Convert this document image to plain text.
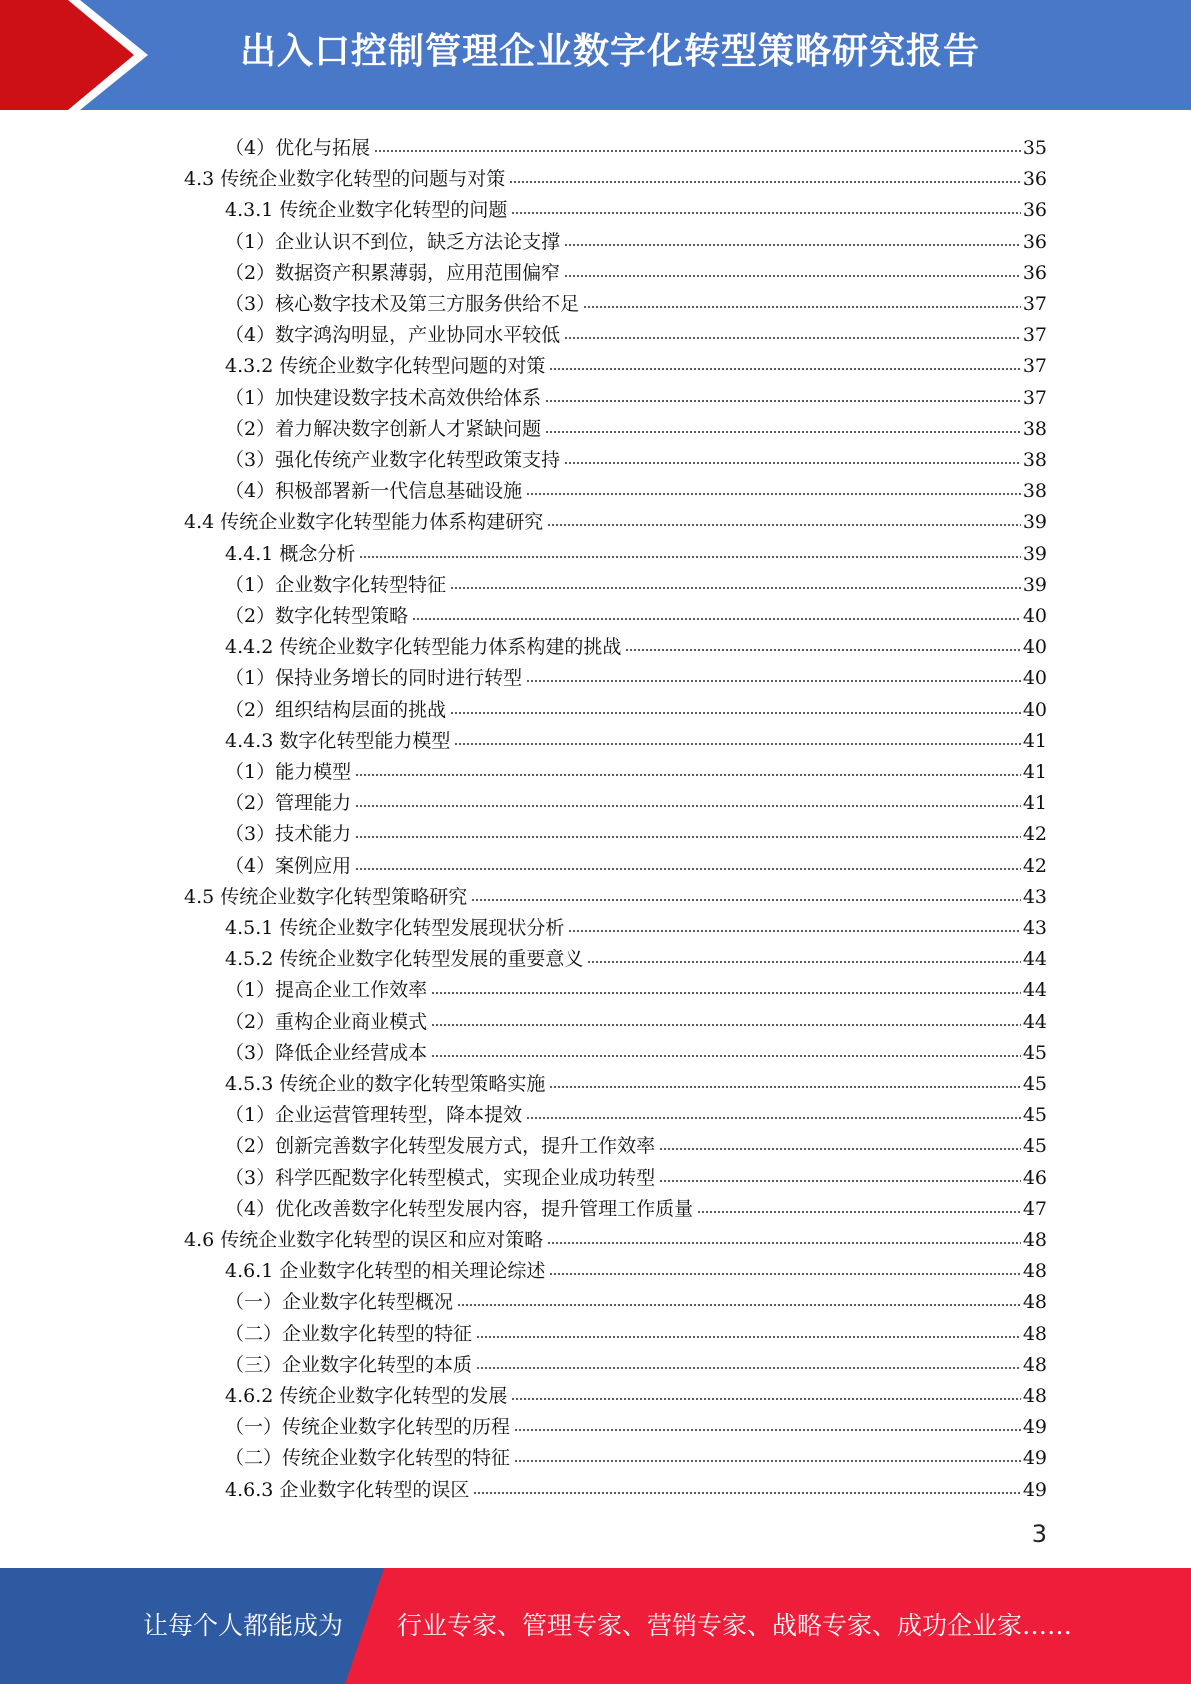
出入口控制管理企业数字化转型策略研究报告
（4）优化与拓展	35
4.3 传统企业数字化转型的问题与对策	36
4.3.1 传统企业数字化转型的问题	36
（1）企业认识不到位，缺乏方法论支撑	36
（2）数据资产积累薄弱，应用范围偏窄	36
（3）核心数字技术及第三方服务供给不足	37
（4）数字鸿沟明显，产业协同水平较低	37
4.3.2 传统企业数字化转型问题的对策	37
（1）加快建设数字技术高效供给体系	37
（2）着力解决数字创新人才紧缺问题	38
（3）强化传统产业数字化转型政策支持	38
（4）积极部署新一代信息基础设施	38
4.4 传统企业数字化转型能力体系构建研究	39
4.4.1 概念分析	39
（1）企业数字化转型特征	39
（2）数字化转型策略	40
4.4.2 传统企业数字化转型能力体系构建的挑战	40
（1）保持业务增长的同时进行转型	40
（2）组织结构层面的挑战	40
4.4.3 数字化转型能力模型	41
（1）能力模型	41
（2）管理能力	41
（3）技术能力	42
（4）案例应用	42
4.5 传统企业数字化转型策略研究	43
4.5.1 传统企业数字化转型发展现状分析	43
4.5.2 传统企业数字化转型发展的重要意义	44
（1）提高企业工作效率	44
（2）重构企业商业模式	44
（3）降低企业经营成本	45
4.5.3 传统企业的数字化转型策略实施	45
（1）企业运营管理转型，降本提效	45
（2）创新完善数字化转型发展方式，提升工作效率	45
（3）科学匹配数字化转型模式，实现企业成功转型	46
（4）优化改善数字化转型发展内容，提升管理工作质量	47
4.6 传统企业数字化转型的误区和应对策略	48
4.6.1 企业数字化转型的相关理论综述	48
（一）企业数字化转型概况	48
（二）企业数字化转型的特征	48
（三）企业数字化转型的本质	48
4.6.2 传统企业数字化转型的发展	48
（一）传统企业数字化转型的历程	49
（二）传统企业数字化转型的特征	49
4.6.3 企业数字化转型的误区	49
3
让每个人都能成为 行业专家、管理专家、营销专家、战略专家、成功企业家……
